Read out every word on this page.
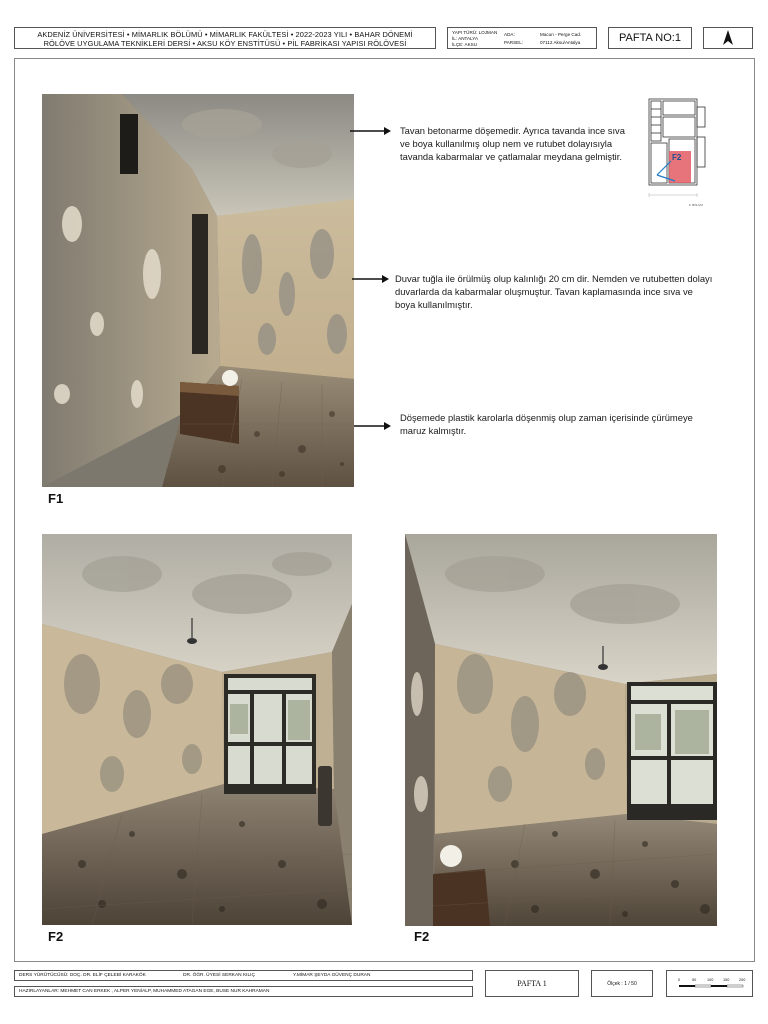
AKDENİZ ÜNİVERSİTESİ • MİMARLIK BÖLÜMÜ • MİMARLIK FAKÜLTESİ • 2022-2023 YILI • BAHAR DÖNEMİ
RÖLÖVE UYGULAMA TEKNİKLERİ DERSİ • AKSU KÖY ENSTİTÜSÜ • PİL FABRİKASI YAPISI RÖLÖVESİ
YAPI TÜRÜ: LOJMAN
İL: ANTALYA
İLÇE: AKSU
ADA:
PARSEL:
Macun - Perge Cad.
07112 Aksu/Antalya	PAFTA NO:1
F1
Tavan betonarme döşemedir. Ayrıca tavanda ince sıva ve boya kullanılmış olup nem ve rutubet dolayısıyla tavanda kabarmalar ve çatlamalar meydana gelmiştir.
Duvar tuğla ile örülmüş olup kalınlığı 20 cm dir. Nemden ve rutubetten dolayı duvarlarda da kabarmalar oluşmuştur. Tavan kaplamasında ince sıva ve boya kullanılmıştır.
Döşemede plastik karolarla döşenmiş olup zaman içerisinde çürümeye maruz kalmıştır.
F2
F. BÖLÜM
F2	F2
DERS YÜRÜTÜCÜSÜ: DOÇ. DR. ELİF ÇELEBİ KARAKÖK	DR. ÖĞR. ÜYESİ SERKAN KILIÇ	Y.MİMAR ŞEYDA GÜVENÇ DURAN
HAZIRLAYANLAR: MEHMET CAN ERKEK , ALPER YENİALP, MUHAMMED ATAGAN EGE, BUSE NUR KAHRAMAN
PAFTA 1	Ölçek : 1 / 50
0	50	100	150	200
